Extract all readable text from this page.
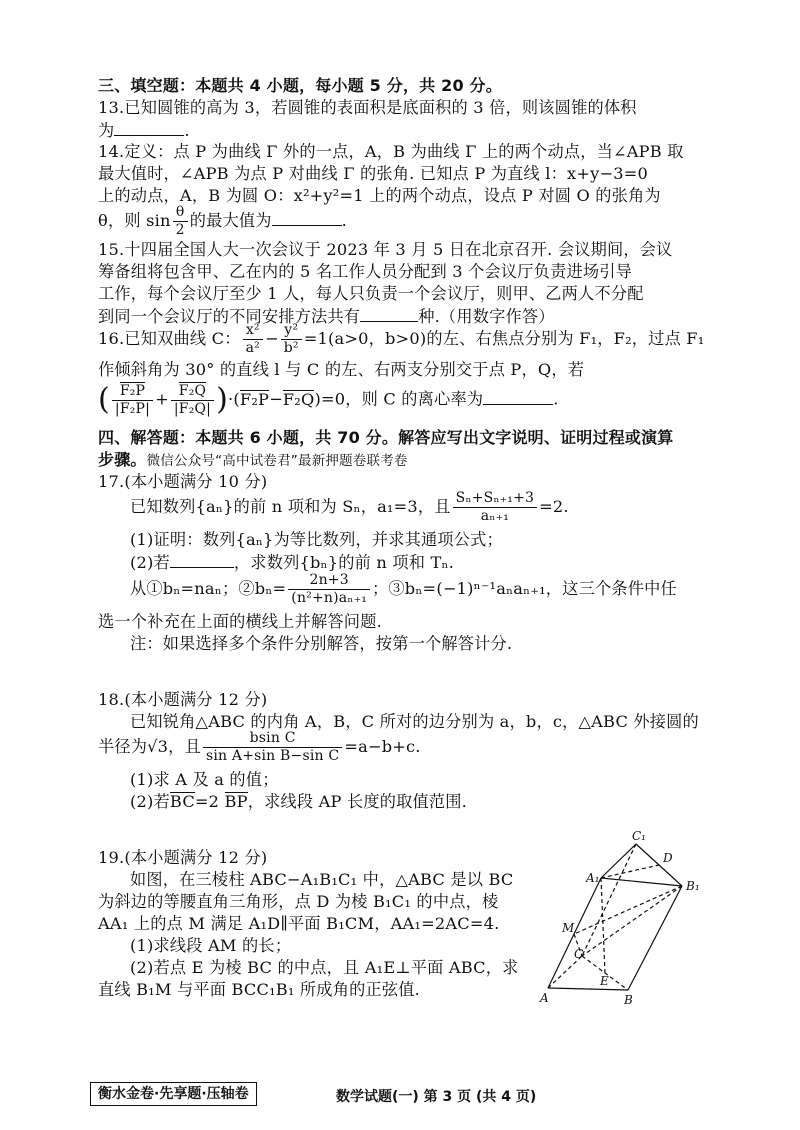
三、填空题：本题共 4 小题，每小题 5 分，共 20 分。
13.已知圆锥的高为 3，若圆锥的表面积是底面积的 3 倍，则该圆锥的体积
为	.
14.定义：点 P 为曲线 Γ 外的一点，A，B 为曲线 Γ 上的两个动点，当∠APB 取
最大值时，∠APB 为点 P 对曲线 Γ 的张角. 已知点 P 为直线 l：x+y−3=0
上的动点，A，B 为圆 O：x²+y²=1 上的两个动点，设点 P 对圆 O 的张角为
θ，则 $\sin \frac{\theta}{2}$ 的最大值为	.
15.十四届全国人大一次会议于 2023 年 3 月 5 日在北京召开. 会议期间，会议
筹备组将包含甲、乙在内的 5 名工作人员分配到 3 个会议厅负责进场引导
工作，每个会议厅至少 1 人，每人只负责一个会议厅，则甲、乙两人不分配
到同一个会议厅的不同安排方法共有	种.（用数字作答）
16.已知双曲线 C： $\frac{\text{x²}}{\text{a²}} - \frac{\text{y²}}{\text{b²}} =1(a>0$，b>0)的左、右焦点分别为 F₁，F₂，过点 F₁
作倾斜角为 30° 的直线 l 与 C 的左、右两支分别交于点 P，Q，若
( $\frac{\text{F₂P}}{\text{|F₂P|}} + \frac{\text{F₂Q}}{\text{|F₂Q|}} )\cdot(F_2P-F_2Q)=0$，则 C 的离心率为	.
四、解答题：本题共 6 小题，共 70 分。解答应写出文字说明、证明过程或演算
步骤。微信公众号“高中试卷君”最新押题卷联考卷
17.(本小题满分 10 分)
已知数列{aₙ}的前 n 项和为 Sₙ，a₁=3，且 $\frac{\text{Sₙ+Sₙ₊₁+3}}{\text{aₙ₊₁}} =2$.
(1)证明：数列{aₙ}为等比数列，并求其通项公式；
(2)若	，求数列{bₙ}的前 n 项和 Tₙ.
从①bₙ=naₙ；②bₙ= $\frac{2n+3}{\text{(n²+n)aₙ₊₁}}$ ；③bₙ=(−1)ⁿ⁻¹aₙaₙ₊₁，这三个条件中任
选一个补充在上面的横线上并解答问题.
注：如果选择多个条件分别解答，按第一个解答计分.
18.(本小题满分 12 分)
已知锐角△ABC 的内角 A，B，C 所对的边分别为 a，b，c，△ABC 外接圆的
半径为√3，且 $\frac{\text{bsin C}}{\text{sin A+sin B−sin C}} =a-b+c$.
(1)求 A 及 a 的值；
(2)若BC=2 BP，求线段 AP 长度的取值范围.
19.(本小题满分 12 分)
如图，在三棱柱 ABC−A₁B₁C₁ 中，△ABC 是以 BC
为斜边的等腰直角三角形，点 D 为棱 B₁C₁ 的中点，棱
AA₁ 上的点 M 满足 A₁D∥平面 B₁CM，AA₁=2AC=4.
(1)求线段 AM 的长；
(2)若点 E 为棱 BC 的中点，且 A₁E⊥平面 ABC，求
直线 B₁M 与平面 BCC₁B₁ 所成角的正弦值.
C₁
D
A₁
B₁
M
C
E
A	B
衡水金卷·先享题·压轴卷	数学试题(一) 第 3 页 (共 4 页)
